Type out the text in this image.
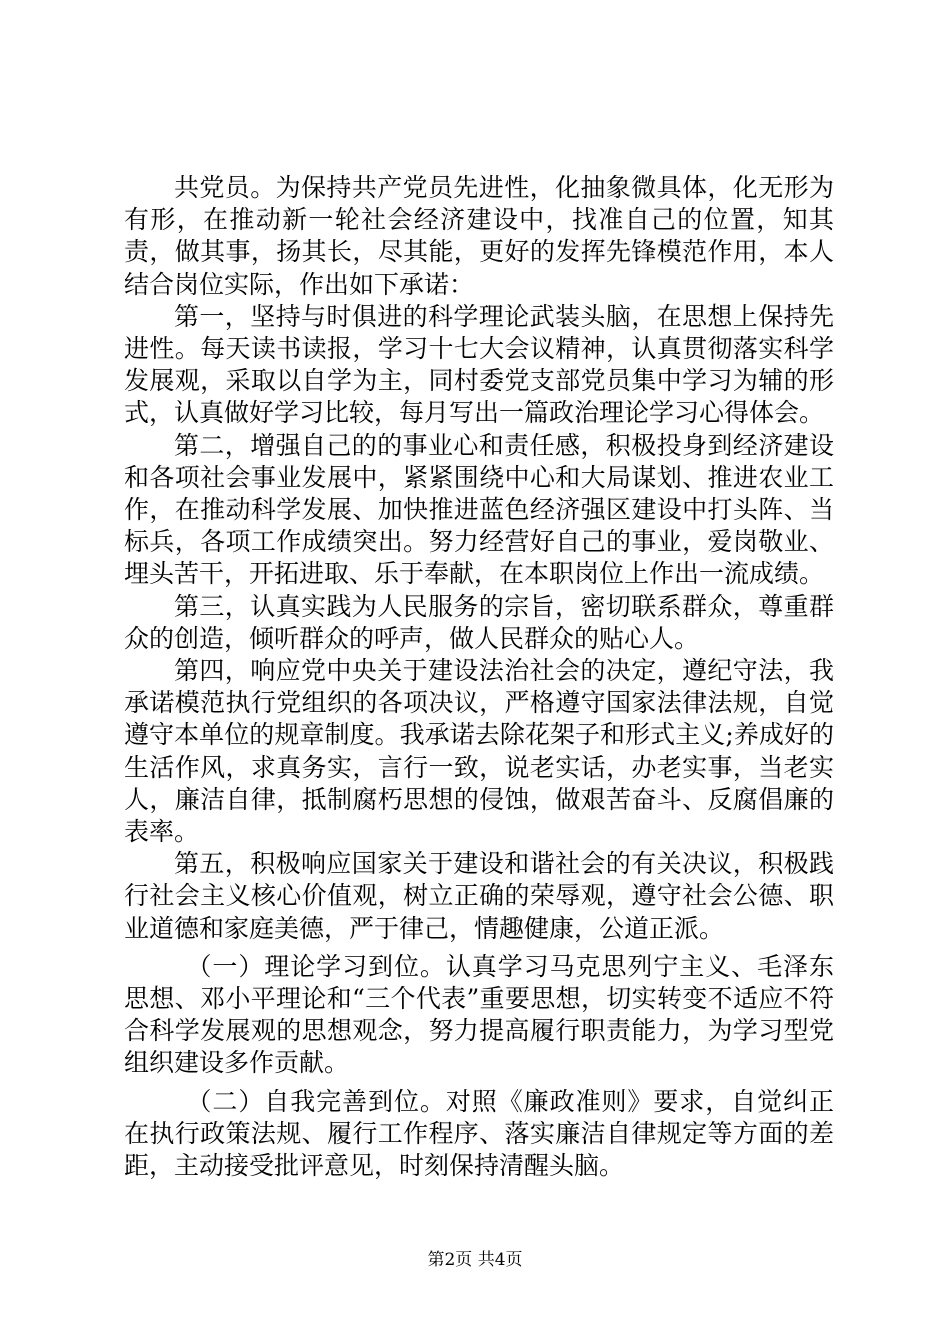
共党员。为保持共产党员先进性，化抽象微具体，化无形为有形，在推动新一轮社会经济建设中，找准自己的位置，知其责，做其事，扬其长，尽其能，更好的发挥先锋模范作用，本人结合岗位实际，作出如下承诺：

第一，坚持与时俱进的科学理论武装头脑，在思想上保持先进性。每天读书读报，学习十七大会议精神，认真贯彻落实科学发展观，采取以自学为主，同村委党支部党员集中学习为辅的形式，认真做好学习比较，每月写出一篇政治理论学习心得体会。

第二，增强自己的的事业心和责任感，积极投身到经济建设和各项社会事业发展中，紧紧围绕中心和大局谋划、推进农业工作，在推动科学发展、加快推进蓝色经济强区建设中打头阵、当标兵，各项工作成绩突出。努力经营好自己的事业，爱岗敬业、埋头苦干，开拓进取、乐于奉献，在本职岗位上作出一流成绩。

第三，认真实践为人民服务的宗旨，密切联系群众，尊重群众的创造，倾听群众的呼声，做人民群众的贴心人。

第四，响应党中央关于建设法治社会的决定，遵纪守法，我承诺模范执行党组织的各项决议，严格遵守国家法律法规，自觉遵守本单位的规章制度。我承诺去除花架子和形式主义;养成好的生活作风，求真务实，言行一致，说老实话，办老实事，当老实人，廉洁自律，抵制腐朽思想的侵蚀，做艰苦奋斗、反腐倡廉的表率。

第五，积极响应国家关于建设和谐社会的有关决议，积极践行社会主义核心价值观，树立正确的荣辱观，遵守社会公德、职业道德和家庭美德，严于律己，情趣健康，公道正派。

（一）理论学习到位。认真学习马克思列宁主义、毛泽东思想、邓小平理论和“三个代表”重要思想，切实转变不适应不符合科学发展观的思想观念，努力提高履行职责能力，为学习型党组织建设多作贡献。

（二）自我完善到位。对照《廉政准则》要求，自觉纠正在执行政策法规、履行工作程序、落实廉洁自律规定等方面的差距，主动接受批评意见，时刻保持清醒头脑。

第2页 共4页
